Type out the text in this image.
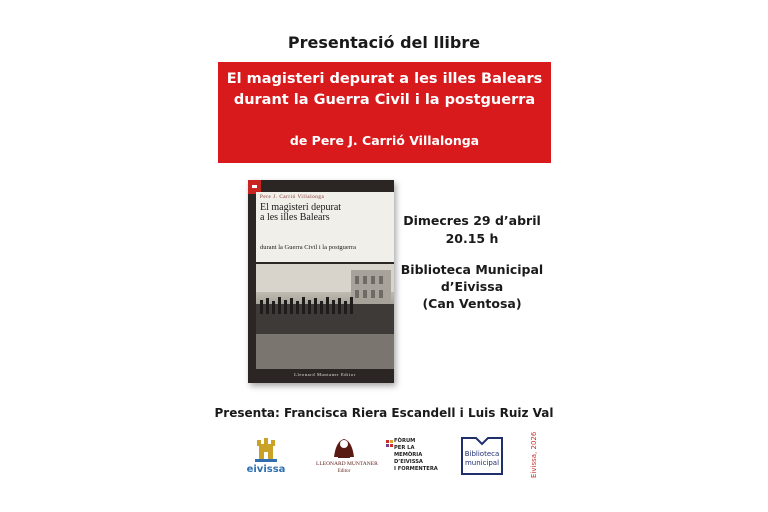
Presentació del llibre
El magisteri depurat a les illes Balears
durant la Guerra Civil i la postguerra
de Pere J. Carrió Villalonga
Pere J. Carrió Villalonga
El magisteri depurat
a les illes Balears
durant la Guerra Civil i la postguerra
Lleonard Muntaner Editor
Dimecres 29 d’abril
20.15 h
Biblioteca Municipal
d’Eivissa
(Can Ventosa)
Presenta: Francisca Riera Escandell i Luis Ruiz Val
eivissa	LLEONARD MUNTANER
Editor
FÒRUM
PER LA
MEMÒRIA
D’EIVISSA
I FORMENTERA
Biblioteca
municipal	Eivissa, 2026
